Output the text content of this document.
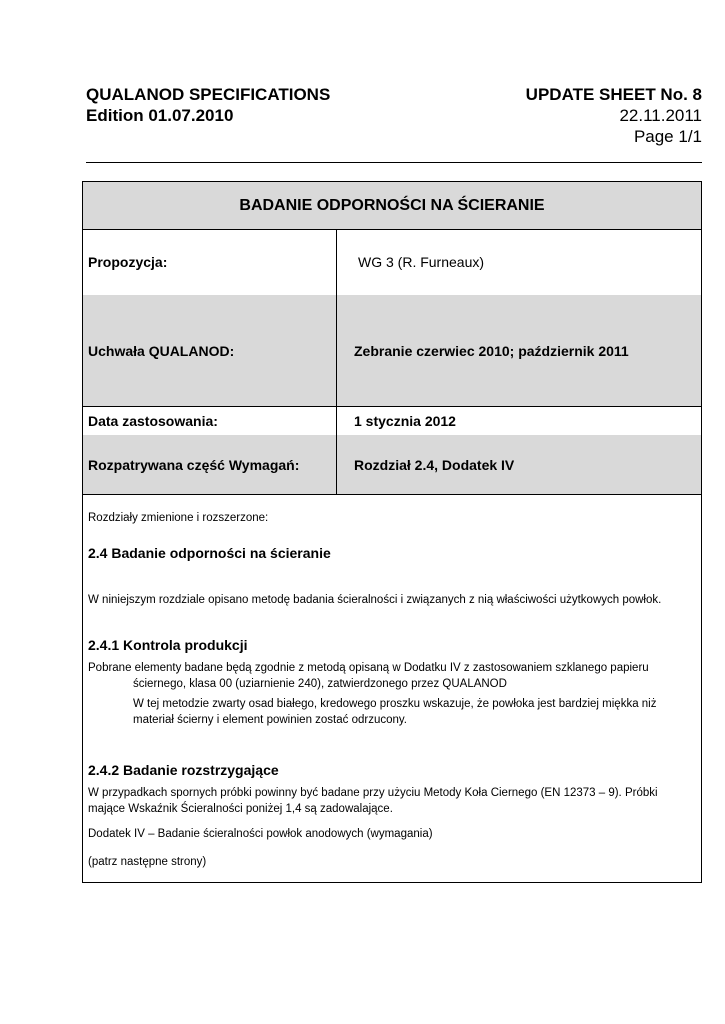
QUALANOD SPECIFICATIONS	UPDATE SHEET No. 8
Edition 01.07.2010	22.11.2011
Page 1/1
BADANIE ODPORNOŚCI NA ŚCIERANIE
Propozycja:	WG 3 (R. Furneaux)
Uchwała QUALANOD:	Zebranie czerwiec 2010; październik 2011
Data zastosowania:	1 stycznia 2012
Rozpatrywana część Wymagań:	Rozdział 2.4, Dodatek IV
Rozdziały zmienione i rozszerzone:
2.4 Badanie odporności na ścieranie
W niniejszym rozdziale opisano metodę badania ścieralności i związanych z nią właściwości użytkowych powłok.
2.4.1 Kontrola produkcji
Pobrane elementy badane będą zgodnie z metodą opisaną w Dodatku IV z zastosowaniem szklanego papieru
ściernego, klasa 00 (uziarnienie 240), zatwierdzonego przez QUALANOD
W tej metodzie zwarty osad białego, kredowego proszku wskazuje, że powłoka jest bardziej miękka niż
materiał ścierny i element powinien zostać odrzucony.
2.4.2 Badanie rozstrzygające
W przypadkach spornych próbki powinny być badane przy użyciu Metody Koła Ciernego (EN 12373 – 9). Próbki
mające Wskaźnik Ścieralności poniżej 1,4 są zadowalające.
Dodatek IV – Badanie ścieralności powłok anodowych (wymagania)
(patrz następne strony)
